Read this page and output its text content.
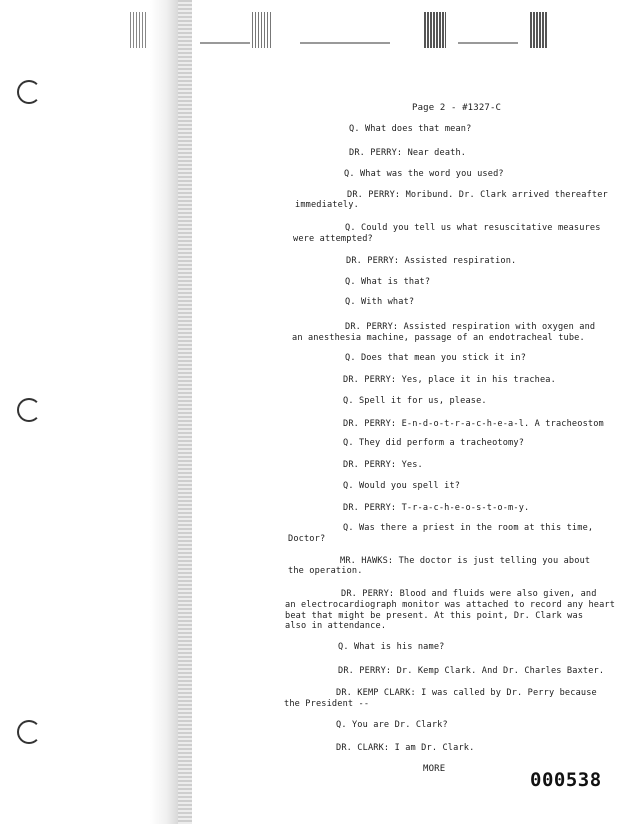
Page 2 - #1327-C
Q. What does that mean?
DR. PERRY: Near death.
Q. What was the word you used?
DR. PERRY: Moribund. Dr. Clark arrived thereafter
immediately.
Q. Could you tell us what resuscitative measures
were attempted?
DR. PERRY: Assisted respiration.
Q. What is that?
Q. With what?
DR. PERRY: Assisted respiration with oxygen and
an anesthesia machine, passage of an endotracheal tube.
Q. Does that mean you stick it in?
DR. PERRY: Yes, place it in his trachea.
Q. Spell it for us, please.
DR. PERRY: E-n-d-o-t-r-a-c-h-e-a-l. A tracheostom
Q. They did perform a tracheotomy?
DR. PERRY: Yes.
Q. Would you spell it?
DR. PERRY: T-r-a-c-h-e-o-s-t-o-m-y.
Q. Was there a priest in the room at this time,
Doctor?
MR. HAWKS: The doctor is just telling you about
the operation.
DR. PERRY: Blood and fluids were also given, and
an electrocardiograph monitor was attached to record any heart
beat that might be present. At this point, Dr. Clark was
also in attendance.
Q. What is his name?
DR. PERRY: Dr. Kemp Clark. And Dr. Charles Baxter.
DR. KEMP CLARK: I was called by Dr. Perry because
the President --
Q. You are Dr. Clark?
DR. CLARK: I am Dr. Clark.
MORE	000538
